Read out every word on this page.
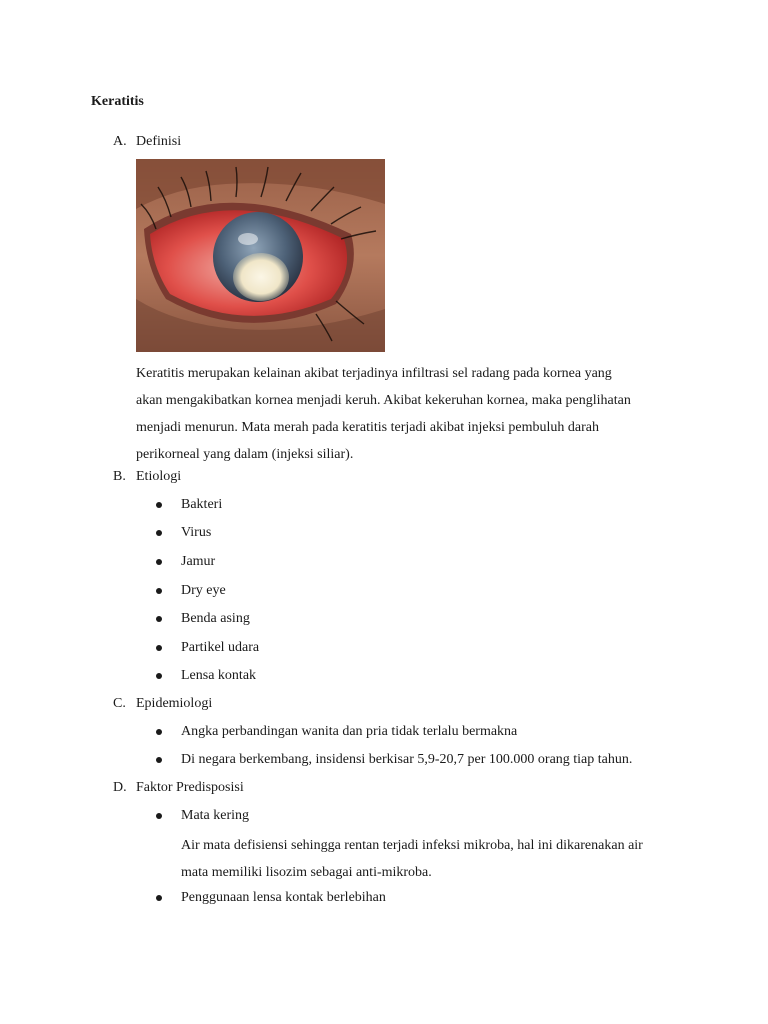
Keratitis
A. Definisi
Keratitis merupakan kelainan akibat terjadinya infiltrasi sel radang pada kornea yang
akan mengakibatkan kornea menjadi keruh. Akibat kekeruhan kornea, maka penglihatan
menjadi menurun. Mata merah pada keratitis terjadi akibat injeksi pembuluh darah
perikorneal yang dalam (injeksi siliar).
B. Etiologi
Bakteri
Virus
Jamur
Dry eye
Benda asing
Partikel udara
Lensa kontak
C. Epidemiologi
Angka perbandingan wanita dan pria tidak terlalu bermakna
Di negara berkembang, insidensi berkisar 5,9-20,7 per 100.000 orang tiap tahun.
D. Faktor Predisposisi
Mata kering
Air mata defisiensi sehingga rentan terjadi infeksi mikroba, hal ini dikarenakan air
mata memiliki lisozim sebagai anti-mikroba.
Penggunaan lensa kontak berlebihan
